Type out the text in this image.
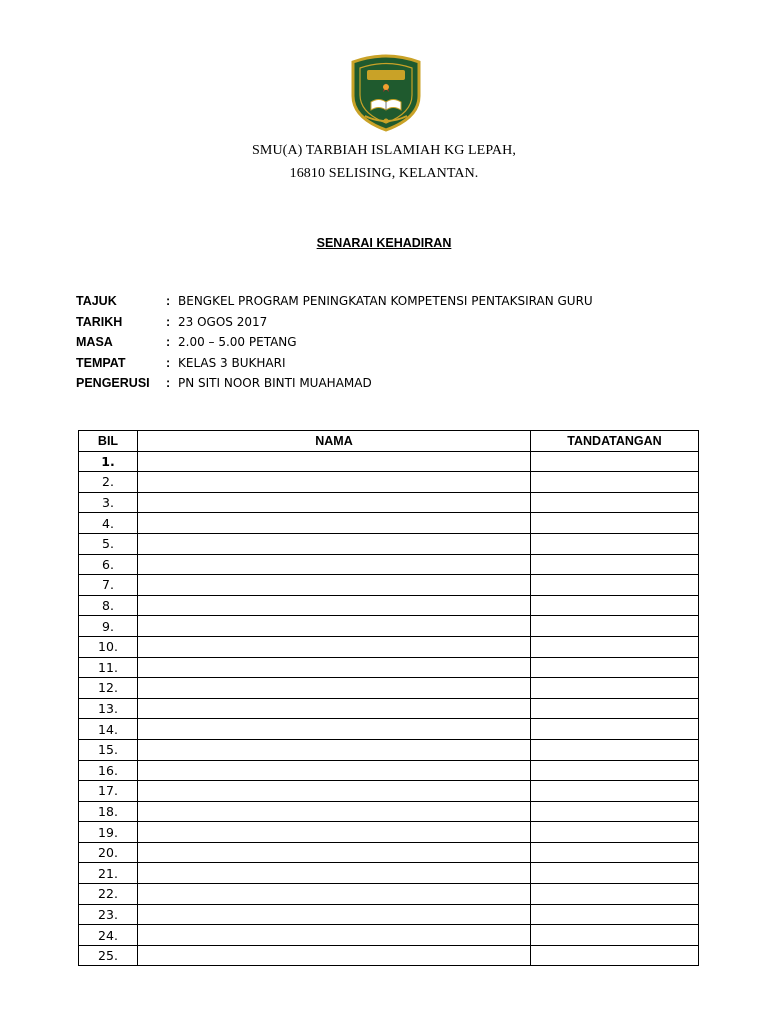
SMU(A) TARBIAH ISLAMIAH KG LEPAH,
16810 SELISING, KELANTAN.
SENARAI KEHADIRAN
TAJUK	: BENGKEL PROGRAM PENINGKATAN KOMPETENSI PENTAKSIRAN GURU
TARIKH	: 23 OGOS 2017
MASA	: 2.00 – 5.00 PETANG
TEMPAT	: KELAS 3 BUKHARI
PENGERUSI	: PN SITI NOOR BINTI MUAHAMAD
BIL	NAMA	TANDATANGAN
1.		
2.		
3.		
4.		
5.		
6.		
7.		
8.		
9.		
10.		
11.		
12.		
13.		
14.		
15.		
16.		
17.		
18.		
19.		
20.		
21.		
22.		
23.		
24.		
25.		
